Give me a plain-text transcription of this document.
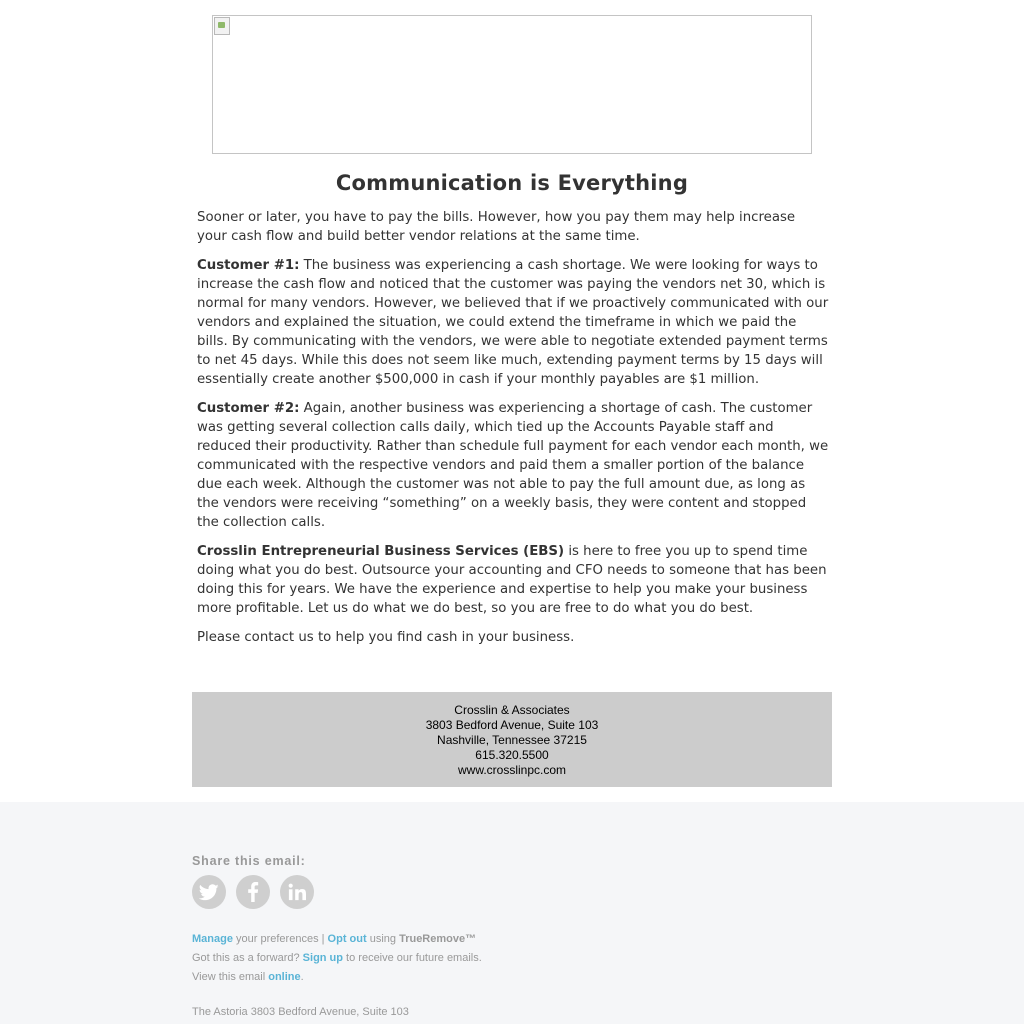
Communication is Everything

Sooner or later, you have to pay the bills. However, how you pay them may help increase your cash flow and build better vendor relations at the same time.

Customer #1: The business was experiencing a cash shortage. We were looking for ways to increase the cash flow and noticed that the customer was paying the vendors net 30, which is normal for many vendors. However, we believed that if we proactively communicated with our vendors and explained the situation, we could extend the timeframe in which we paid the bills. By communicating with the vendors, we were able to negotiate extended payment terms to net 45 days. While this does not seem like much, extending payment terms by 15 days will essentially create another $500,000 in cash if your monthly payables are $1 million.

Customer #2: Again, another business was experiencing a shortage of cash. The customer was getting several collection calls daily, which tied up the Accounts Payable staff and reduced their productivity. Rather than schedule full payment for each vendor each month, we communicated with the respective vendors and paid them a smaller portion of the balance due each week. Although the customer was not able to pay the full amount due, as long as the vendors were receiving “something” on a weekly basis, they were content and stopped the collection calls.

Crosslin Entrepreneurial Business Services (EBS) is here to free you up to spend time doing what you do best. Outsource your accounting and CFO needs to someone that has been doing this for years. We have the experience and expertise to help you make your business more profitable. Let us do what we do best, so you are free to do what you do best.

Please contact us to help you find cash in your business.

Crosslin & Associates
3803 Bedford Avenue, Suite 103
Nashville, Tennessee 37215
615.320.5500
www.crosslinpc.com
Share this email:
Manage your preferences | Opt out using TrueRemove™
Got this as a forward? Sign up to receive our future emails.
View this email online.
The Astoria 3803 Bedford Avenue, Suite 103
